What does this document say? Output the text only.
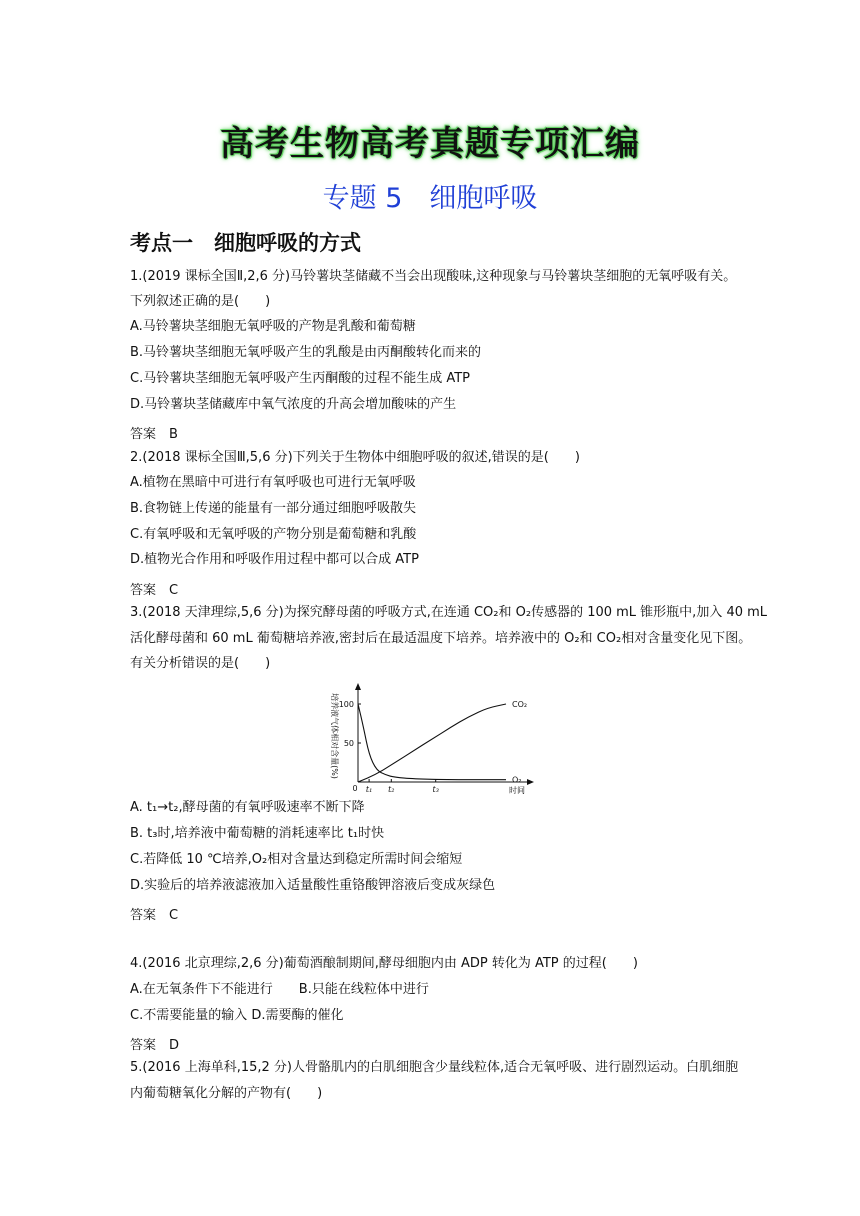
高考生物高考真题专项汇编
专题 5　细胞呼吸
考点一　细胞呼吸的方式
1.(2019 课标全国Ⅱ,2,6 分)马铃薯块茎储藏不当会出现酸味,这种现象与马铃薯块茎细胞的无氧呼吸有关。
下列叙述正确的是(　　)
A.马铃薯块茎细胞无氧呼吸的产物是乳酸和葡萄糖
B.马铃薯块茎细胞无氧呼吸产生的乳酸是由丙酮酸转化而来的
C.马铃薯块茎细胞无氧呼吸产生丙酮酸的过程不能生成 ATP
D.马铃薯块茎储藏库中氧气浓度的升高会增加酸味的产生
答案　B
2.(2018 课标全国Ⅲ,5,6 分)下列关于生物体中细胞呼吸的叙述,错误的是(　　)
A.植物在黑暗中可进行有氧呼吸也可进行无氧呼吸
B.食物链上传递的能量有一部分通过细胞呼吸散失
C.有氧呼吸和无氧呼吸的产物分别是葡萄糖和乳酸
D.植物光合作用和呼吸作用过程中都可以合成 ATP
答案　C
3.(2018 天津理综,5,6 分)为探究酵母菌的呼吸方式,在连通 CO₂和 O₂传感器的 100 mL 锥形瓶中,加入 40 mL
活化酵母菌和 60 mL 葡萄糖培养液,密封后在最适温度下培养。培养液中的 O₂和 CO₂相对含量变化见下图。
有关分析错误的是(　　)
培养液气体相对含量(%) 100
50
t₁ t₂	t₃
CO₂
O₂
0	时间
A. t₁→t₂,酵母菌的有氧呼吸速率不断下降
B. t₃时,培养液中葡萄糖的消耗速率比 t₁时快
C.若降低 10 ℃培养,O₂相对含量达到稳定所需时间会缩短
D.实验后的培养液滤液加入适量酸性重铬酸钾溶液后变成灰绿色
答案　C
4.(2016 北京理综,2,6 分)葡萄酒酿制期间,酵母细胞内由 ADP 转化为 ATP 的过程(　　)
A.在无氧条件下不能进行　　B.只能在线粒体中进行
C.不需要能量的输入 D.需要酶的催化
答案　D
5.(2016 上海单科,15,2 分)人骨骼肌内的白肌细胞含少量线粒体,适合无氧呼吸、进行剧烈运动。白肌细胞
内葡萄糖氧化分解的产物有(　　)
